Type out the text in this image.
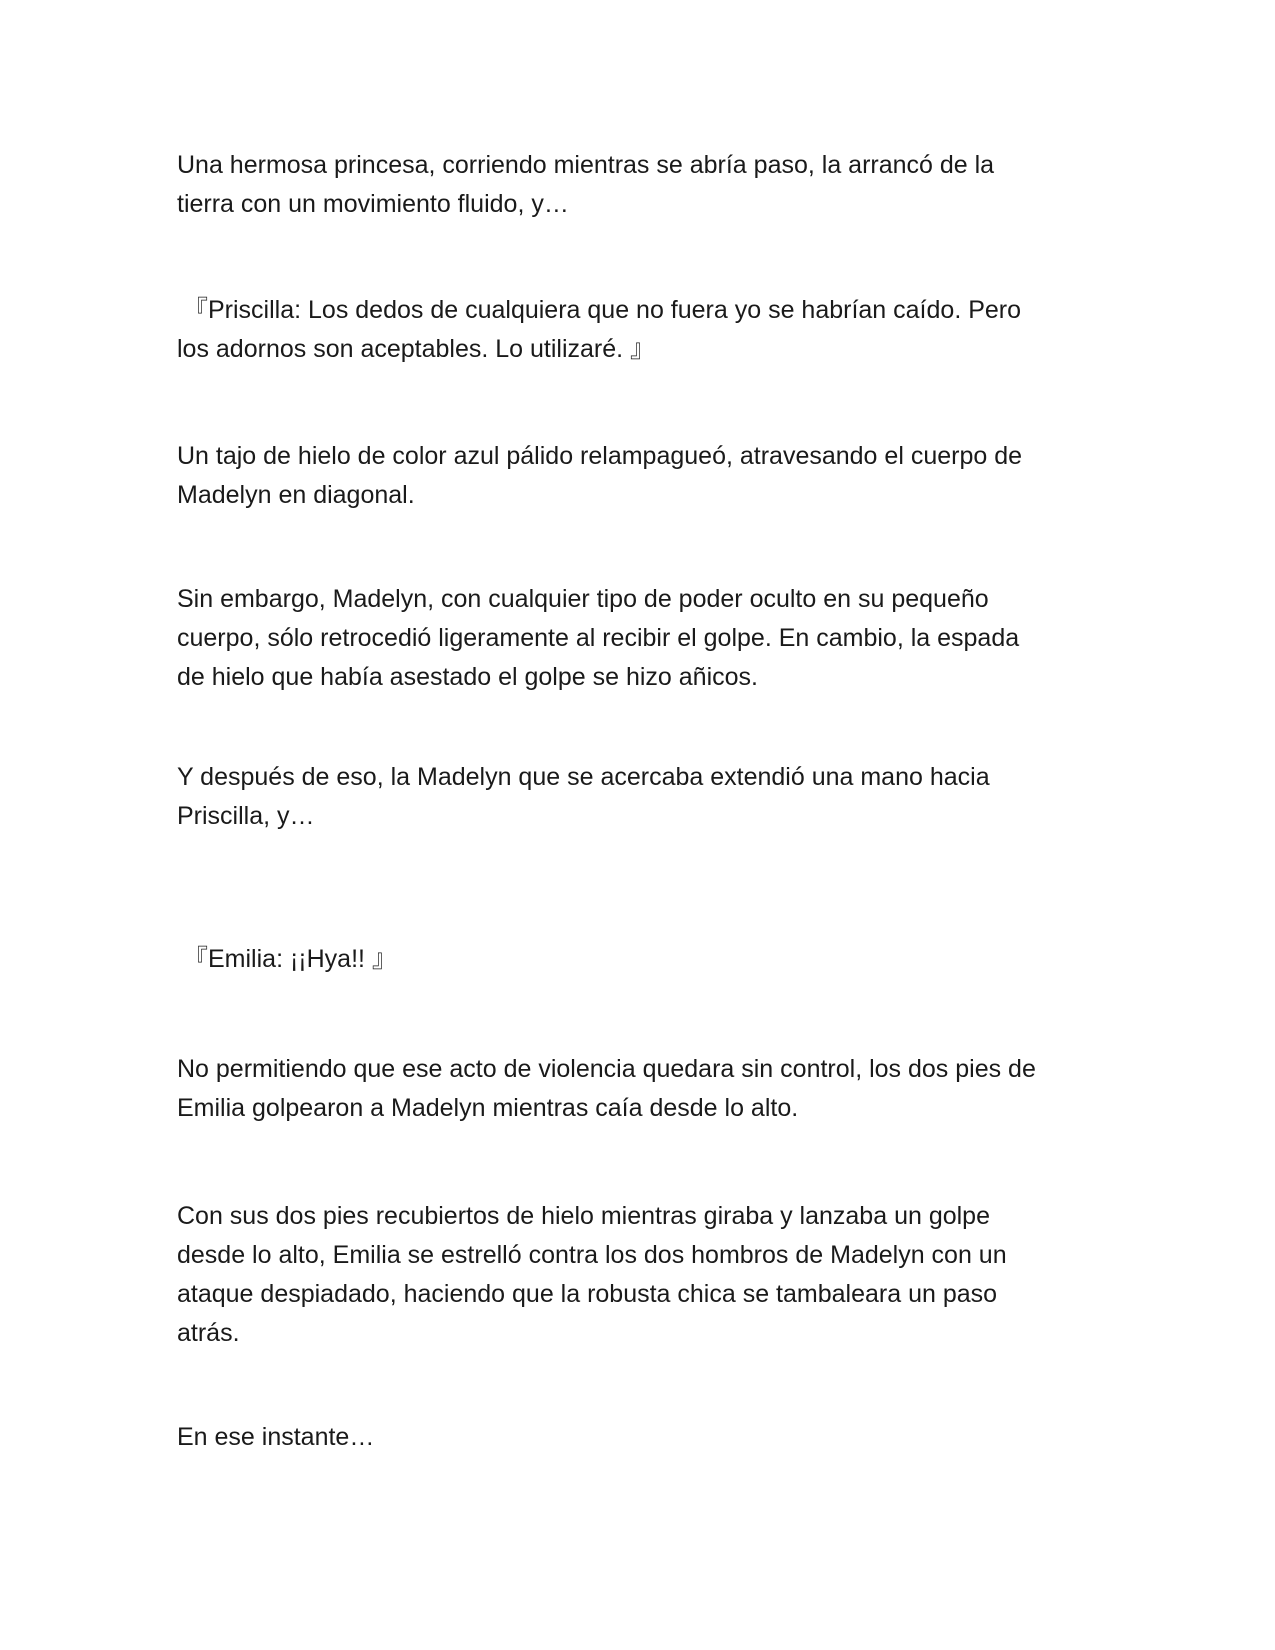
Una hermosa princesa, corriendo mientras se abría paso, la arrancó de la
tierra con un movimiento fluido, y…

『Priscilla: Los dedos de cualquiera que no fuera yo se habrían caído. Pero
los adornos son aceptables. Lo utilizaré. 』

Un tajo de hielo de color azul pálido relampagueó, atravesando el cuerpo de
Madelyn en diagonal.

Sin embargo, Madelyn, con cualquier tipo de poder oculto en su pequeño
cuerpo, sólo retrocedió ligeramente al recibir el golpe. En cambio, la espada
de hielo que había asestado el golpe se hizo añicos.

Y después de eso, la Madelyn que se acercaba extendió una mano hacia
Priscilla, y…

『Emilia: ¡¡Hya!! 』

No permitiendo que ese acto de violencia quedara sin control, los dos pies de
Emilia golpearon a Madelyn mientras caía desde lo alto.

Con sus dos pies recubiertos de hielo mientras giraba y lanzaba un golpe
desde lo alto, Emilia se estrelló contra los dos hombros de Madelyn con un
ataque despiadado, haciendo que la robusta chica se tambaleara un paso
atrás.

En ese instante…
